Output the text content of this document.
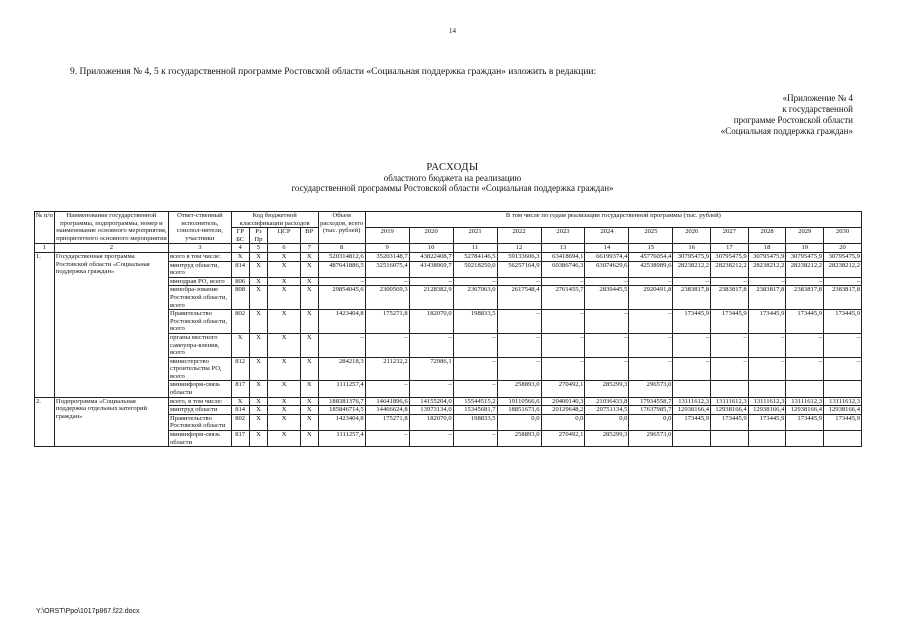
14
9. Приложения № 4, 5 к государственной программе Ростовской области «Социальная поддержка граждан» изложить в редакции:
«Приложение № 4
к государственной
программе Ростовской области
«Социальная поддержка граждан»
РАСХОДЫ
областного бюджета на реализацию
государственной программы Ростовской области «Социальная поддержка граждан»
№ п/п	Наименование государственной программы, подпрограммы, номер и наименование основного мероприятия, приоритетного основного мероприятия	Ответ-ственный исполнитель, соиспол-нители, участники	Код бюджетной классификации расходов				Объем расходов, всего (тыс. рублей)	В том числе по годам реализации государственной программы (тыс. рублей)											
			ГР БС	Рз Пр	ЦСР	ВР		2019	2020	2021	2022	2023	2024	2025	2026	2027	2028	2029	2030
1	2	3	4	5	6	7	8	9	10	11	12	13	14	15	16	17	18	19	20
1.	Государственная программа Ростовской области «Социальная поддержка граждан»	всего в том числе:	X	X	X	X	520314812,6	35203148,7	43822408,7	52784146,5	59133606,3	63418694,1	66199374,4	45776054,4	30795475,9	30795475,9	30795475,9	30795475,9	30795475,9
		минтруд области, всего	814	X	X	X	487641886,5	32516075,4	41438969,7	50218250,0	56257164,9	60386746,3	63074629,6	42538989,6	28238212,2	28238212,2	28238212,2	28238212,2	28238212,2
		минздрав РО, всего	806	X	X	X	–	–	–	–	–	–	–	–	–	–	–	–	–
		минобра-зование Ростовской области, всего	808	X	X	X	29854045,6	2300569,3	2128382,9	2367063,0	2617548,4	2761455,7	2839445,5	2920491,8	2383817,8	2383817,8	2383817,8	2383817,8	2383817,8
		Правительство Ростовской области, всего	802	X	X	X	1423404,8	175271,8	182070,0	198833,5	–	–	–	–	173445,9	173445,9	173445,9	173445,9	173445,9
		органы местного самоупра-вления, всего	X	X	X	X	–	–	–	–	–	–	–	–	–	–	–	–	–
		министерство строительства РО, всего	812	X	X	X	284218,3	211232,2	72986,1	–	–	–	–	–	–	–	–	–	–
		мининформ-связь области	817	X	X	X	1111257,4	–	–	–	258893,0	270492,1	285299,3	296573,0					
2.	Подпрограмма «Социальная поддержка отдельных категорий граждан»	всего, в том числе:	X	X	X	X	188381376,7	14641896,6	14155204,0	15544515,2	19110566,6	20400140,3	21036433,8	17934558,7	13111612,3	13111612,3	13111612,3	13111612,3	13111612,3
		минтруд области	814	X	X	X	185846714,5	14466624,8	13973134,0	15345681,7	18851673,6	20129648,2	20751134,5	17637985,7	12938166,4	12938166,4	12938166,4	12938166,4	12938166,4
		Правительство Ростовской области	802	X	X	X	1423404,8	175271,8	182070,0	198833,5	0,0	0,0	0,0	0,0	173445,9	173445,9	173445,9	173445,9	173445,9
		мининформ-связь области	817	X	X	X	1111257,4	–	–	–	258893,0	270492,1	285299,3	296573,0					
Y:\ORST\Ppo\1017p867.f22.docx
